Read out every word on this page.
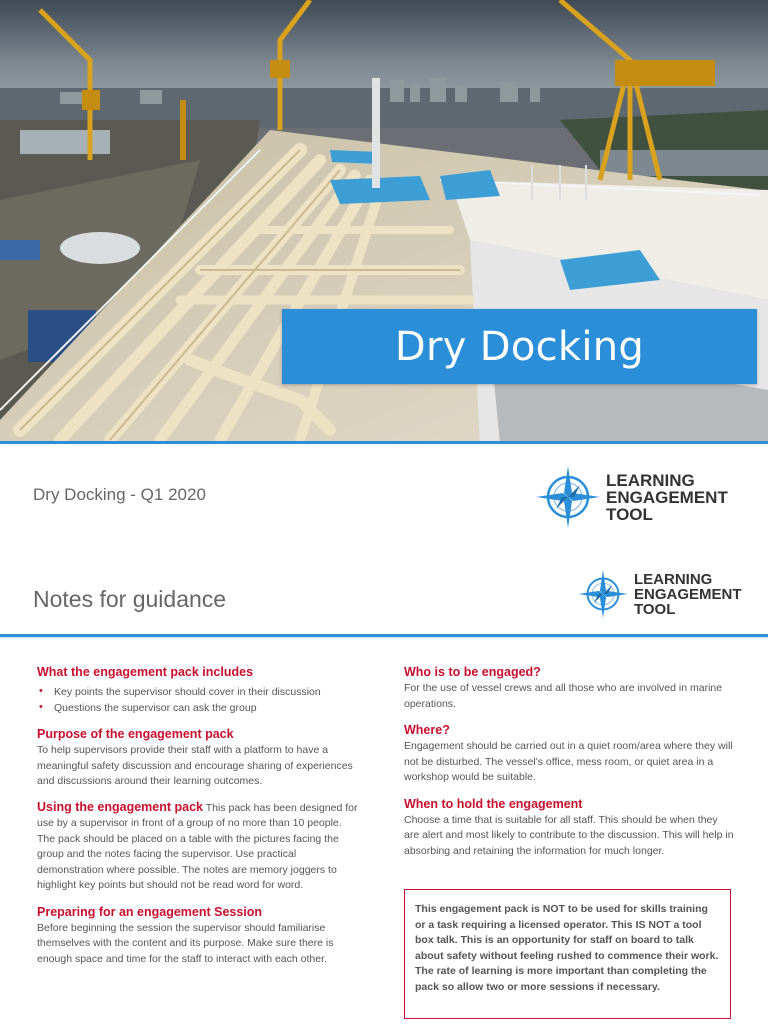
Dry Docking
Dry Docking - Q1 2020
LEARNING
ENGAGEMENT
TOOL
Notes for guidance
LEARNING
ENGAGEMENT
TOOL
What the engagement pack includes
• Key points the supervisor should cover in their discussion
• Questions the supervisor can ask the group
Purpose of the engagement pack
To help supervisors provide their staff with a platform to have a meaningful safety discussion and encourage sharing of experiences and discussions around their learning outcomes.
Using the engagement pack This pack has been designed for use by a supervisor in front of a group of no more than 10 people. The pack should be placed on a table with the pictures facing the group and the notes facing the supervisor. Use practical demonstration where possible. The notes are memory joggers to highlight key points but should not be read word for word.
Preparing for an engagement Session
Before beginning the session the supervisor should familiarise themselves with the content and its purpose. Make sure there is enough space and time for the staff to interact with each other.
Who is to be engaged?
For the use of vessel crews and all those who are involved in marine operations.
Where?
Engagement should be carried out in a quiet room/area where they will not be disturbed. The vessel's office, mess room, or quiet area in a workshop would be suitable.
When to hold the engagement
Choose a time that is suitable for all staff. This should be when they are alert and most likely to contribute to the discussion. This will help in absorbing and retaining the information for much longer.
This engagement pack is NOT to be used for skills training or a task requiring a licensed operator. This IS NOT a tool box talk. This is an opportunity for staff on board to talk about safety without feeling rushed to commence their work. The rate of learning is more important than completing the pack so allow two or more sessions if necessary.
